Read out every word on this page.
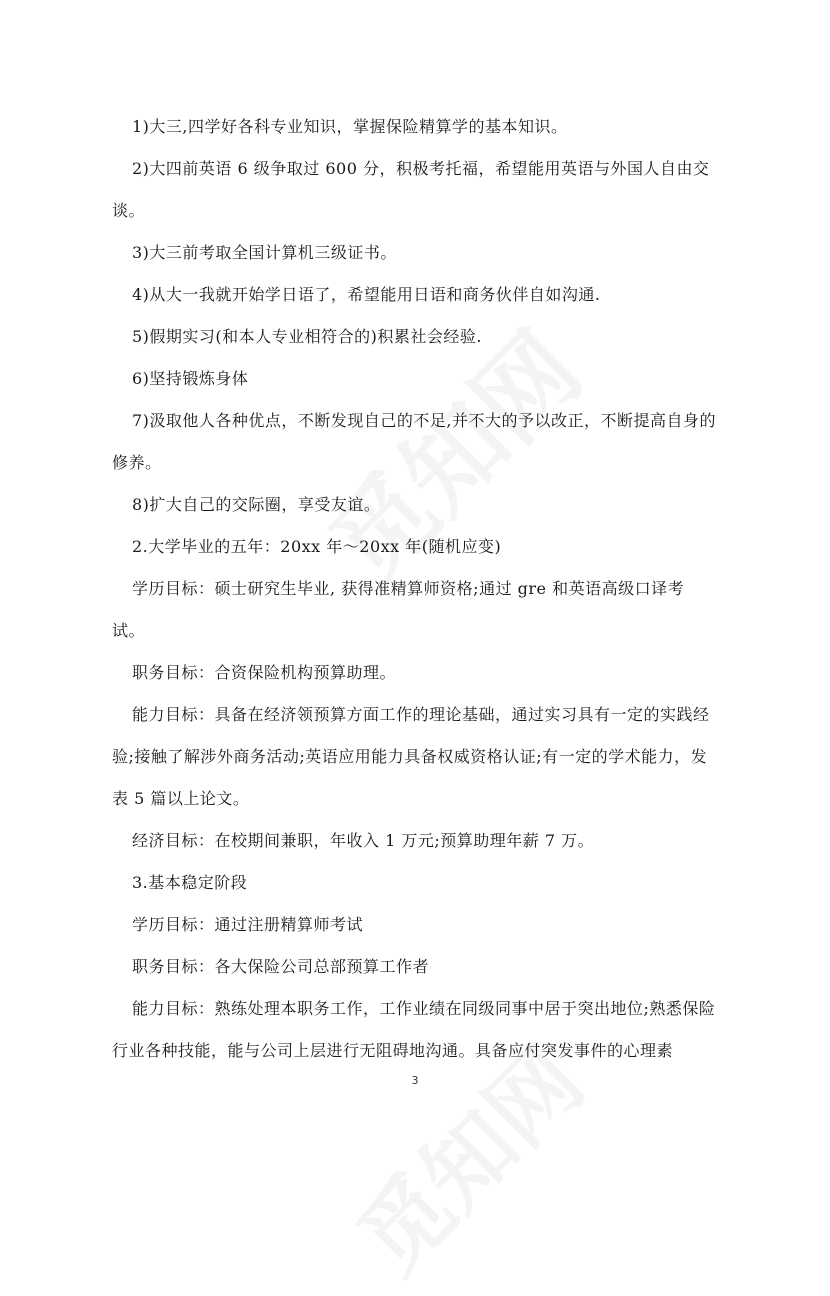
1)大三,四学好各科专业知识，掌握保险精算学的基本知识。

2)大四前英语 6 级争取过 600 分，积极考托福，希望能用英语与外国人自由交谈。

3)大三前考取全国计算机三级证书。

4)从大一我就开始学日语了，希望能用日语和商务伙伴自如沟通.

5)假期实习(和本人专业相符合的)积累社会经验.

6)坚持锻炼身体

7)汲取他人各种优点，不断发现自己的不足,并不大的予以改正，不断提高自身的修养。

8)扩大自己的交际圈，享受友谊。

2.大学毕业的五年：20xx 年～20xx 年(随机应变)

学历目标：硕士研究生毕业, 获得准精算师资格;通过 gre 和英语高级口译考试。

职务目标：合资保险机构预算助理。

能力目标：具备在经济领预算方面工作的理论基础，通过实习具有一定的实践经验;接触了解涉外商务活动;英语应用能力具备权威资格认证;有一定的学术能力，发表 5 篇以上论文。

经济目标：在校期间兼职，年收入 1 万元;预算助理年薪 7 万。

3.基本稳定阶段

学历目标：通过注册精算师考试

职务目标：各大保险公司总部预算工作者

能力目标：熟练处理本职务工作，工作业绩在同级同事中居于突出地位;熟悉保险行业各种技能，能与公司上层进行无阻碍地沟通。具备应付突发事件的心理素

3
